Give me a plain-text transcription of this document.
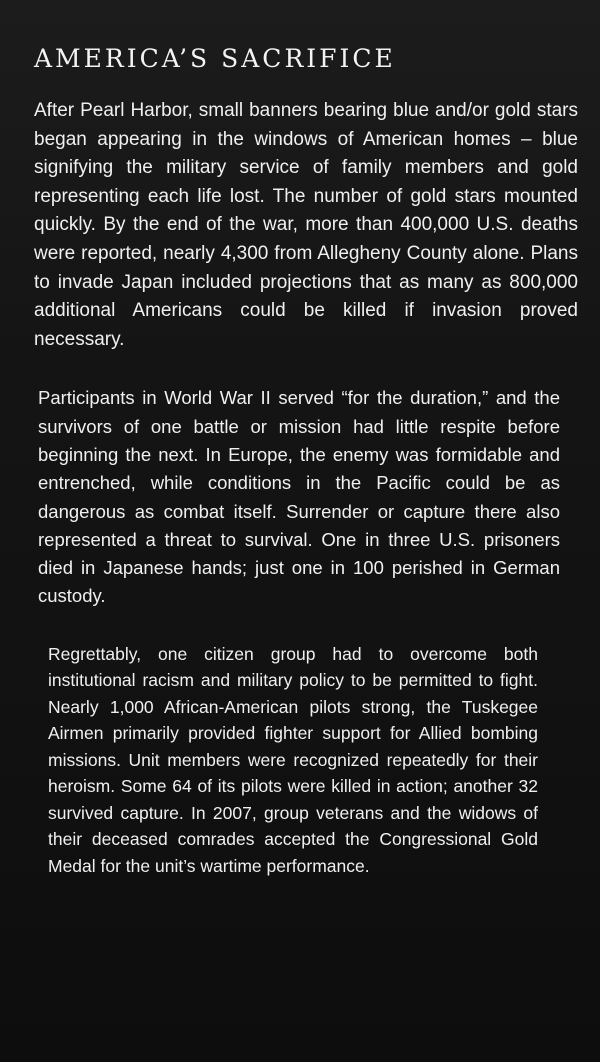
AMERICA’S SACRIFICE

After Pearl Harbor, small banners bearing blue and/or gold stars began appearing in the windows of American homes – blue signifying the military service of family members and gold representing each life lost. The number of gold stars mounted quickly. By the end of the war, more than 400,000 U.S. deaths were reported, nearly 4,300 from Allegheny County alone. Plans to invade Japan included projections that as many as 800,000 additional Americans could be killed if invasion proved necessary.

Participants in World War II served “for the duration,” and the survivors of one battle or mission had little respite before beginning the next. In Europe, the enemy was formidable and entrenched, while conditions in the Pacific could be as dangerous as combat itself. Surrender or capture there also represented a threat to survival. One in three U.S. prisoners died in Japanese hands; just one in 100 perished in German custody.

Regrettably, one citizen group had to overcome both institutional racism and military policy to be permitted to fight. Nearly 1,000 African-American pilots strong, the Tuskegee Airmen primarily provided fighter support for Allied bombing missions. Unit members were recognized repeatedly for their heroism. Some 64 of its pilots were killed in action; another 32 survived capture. In 2007, group veterans and the widows of their deceased comrades accepted the Congressional Gold Medal for the unit’s wartime performance.
